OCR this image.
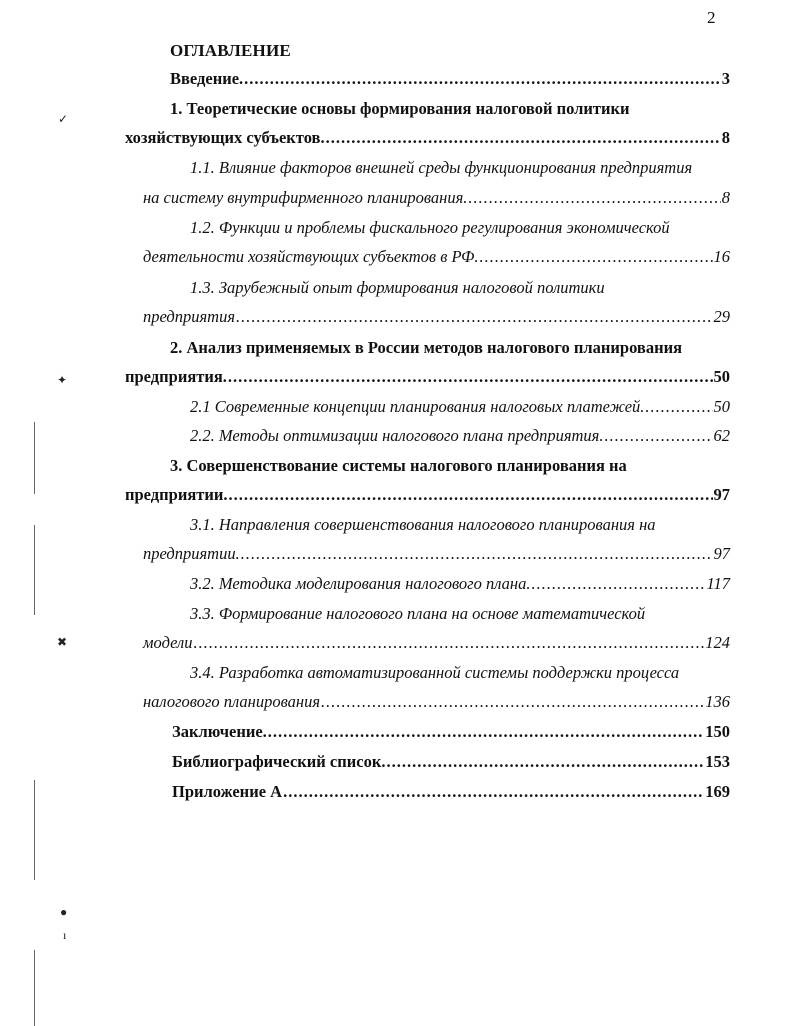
2
ОГЛАВЛЕНИЕ
Введение. .....	3
1. Теоретические основы формирования налоговой политики
хозяйствующих субъектов. .....	8
1.1. Влияние факторов внешней среды функционирования предприятия
на систему внутрифирменного планирования. .....	8
1.2. Функции и проблемы фискального регулирования экономической
деятельности хозяйствующих субъектов в РФ. .....	16
1.3. Зарубежный опыт формирования налоговой политики
предприятия .....	29
2. Анализ применяемых в России методов налогового планирования
предприятия. .....	50
2.1 Современные концепции планирования налоговых платежей. .....	50
2.2. Методы оптимизации налогового плана предприятия. .....	62
3. Совершенствование системы налогового планирования на
предприятии. .....	97
3.1. Направления совершенствования налогового планирования на
предприятии. .....	97
3.2. Методика моделирования налогового плана. .....	117
3.3. Формирование налогового плана на основе математической
модели .....	124
3.4. Разработка автоматизированной системы поддержки процесса
налогового планирования .....	136
Заключение. .....	150
Библиографический список. .....	153
Приложение А .....	169
✓
✦
✖
●
ı
